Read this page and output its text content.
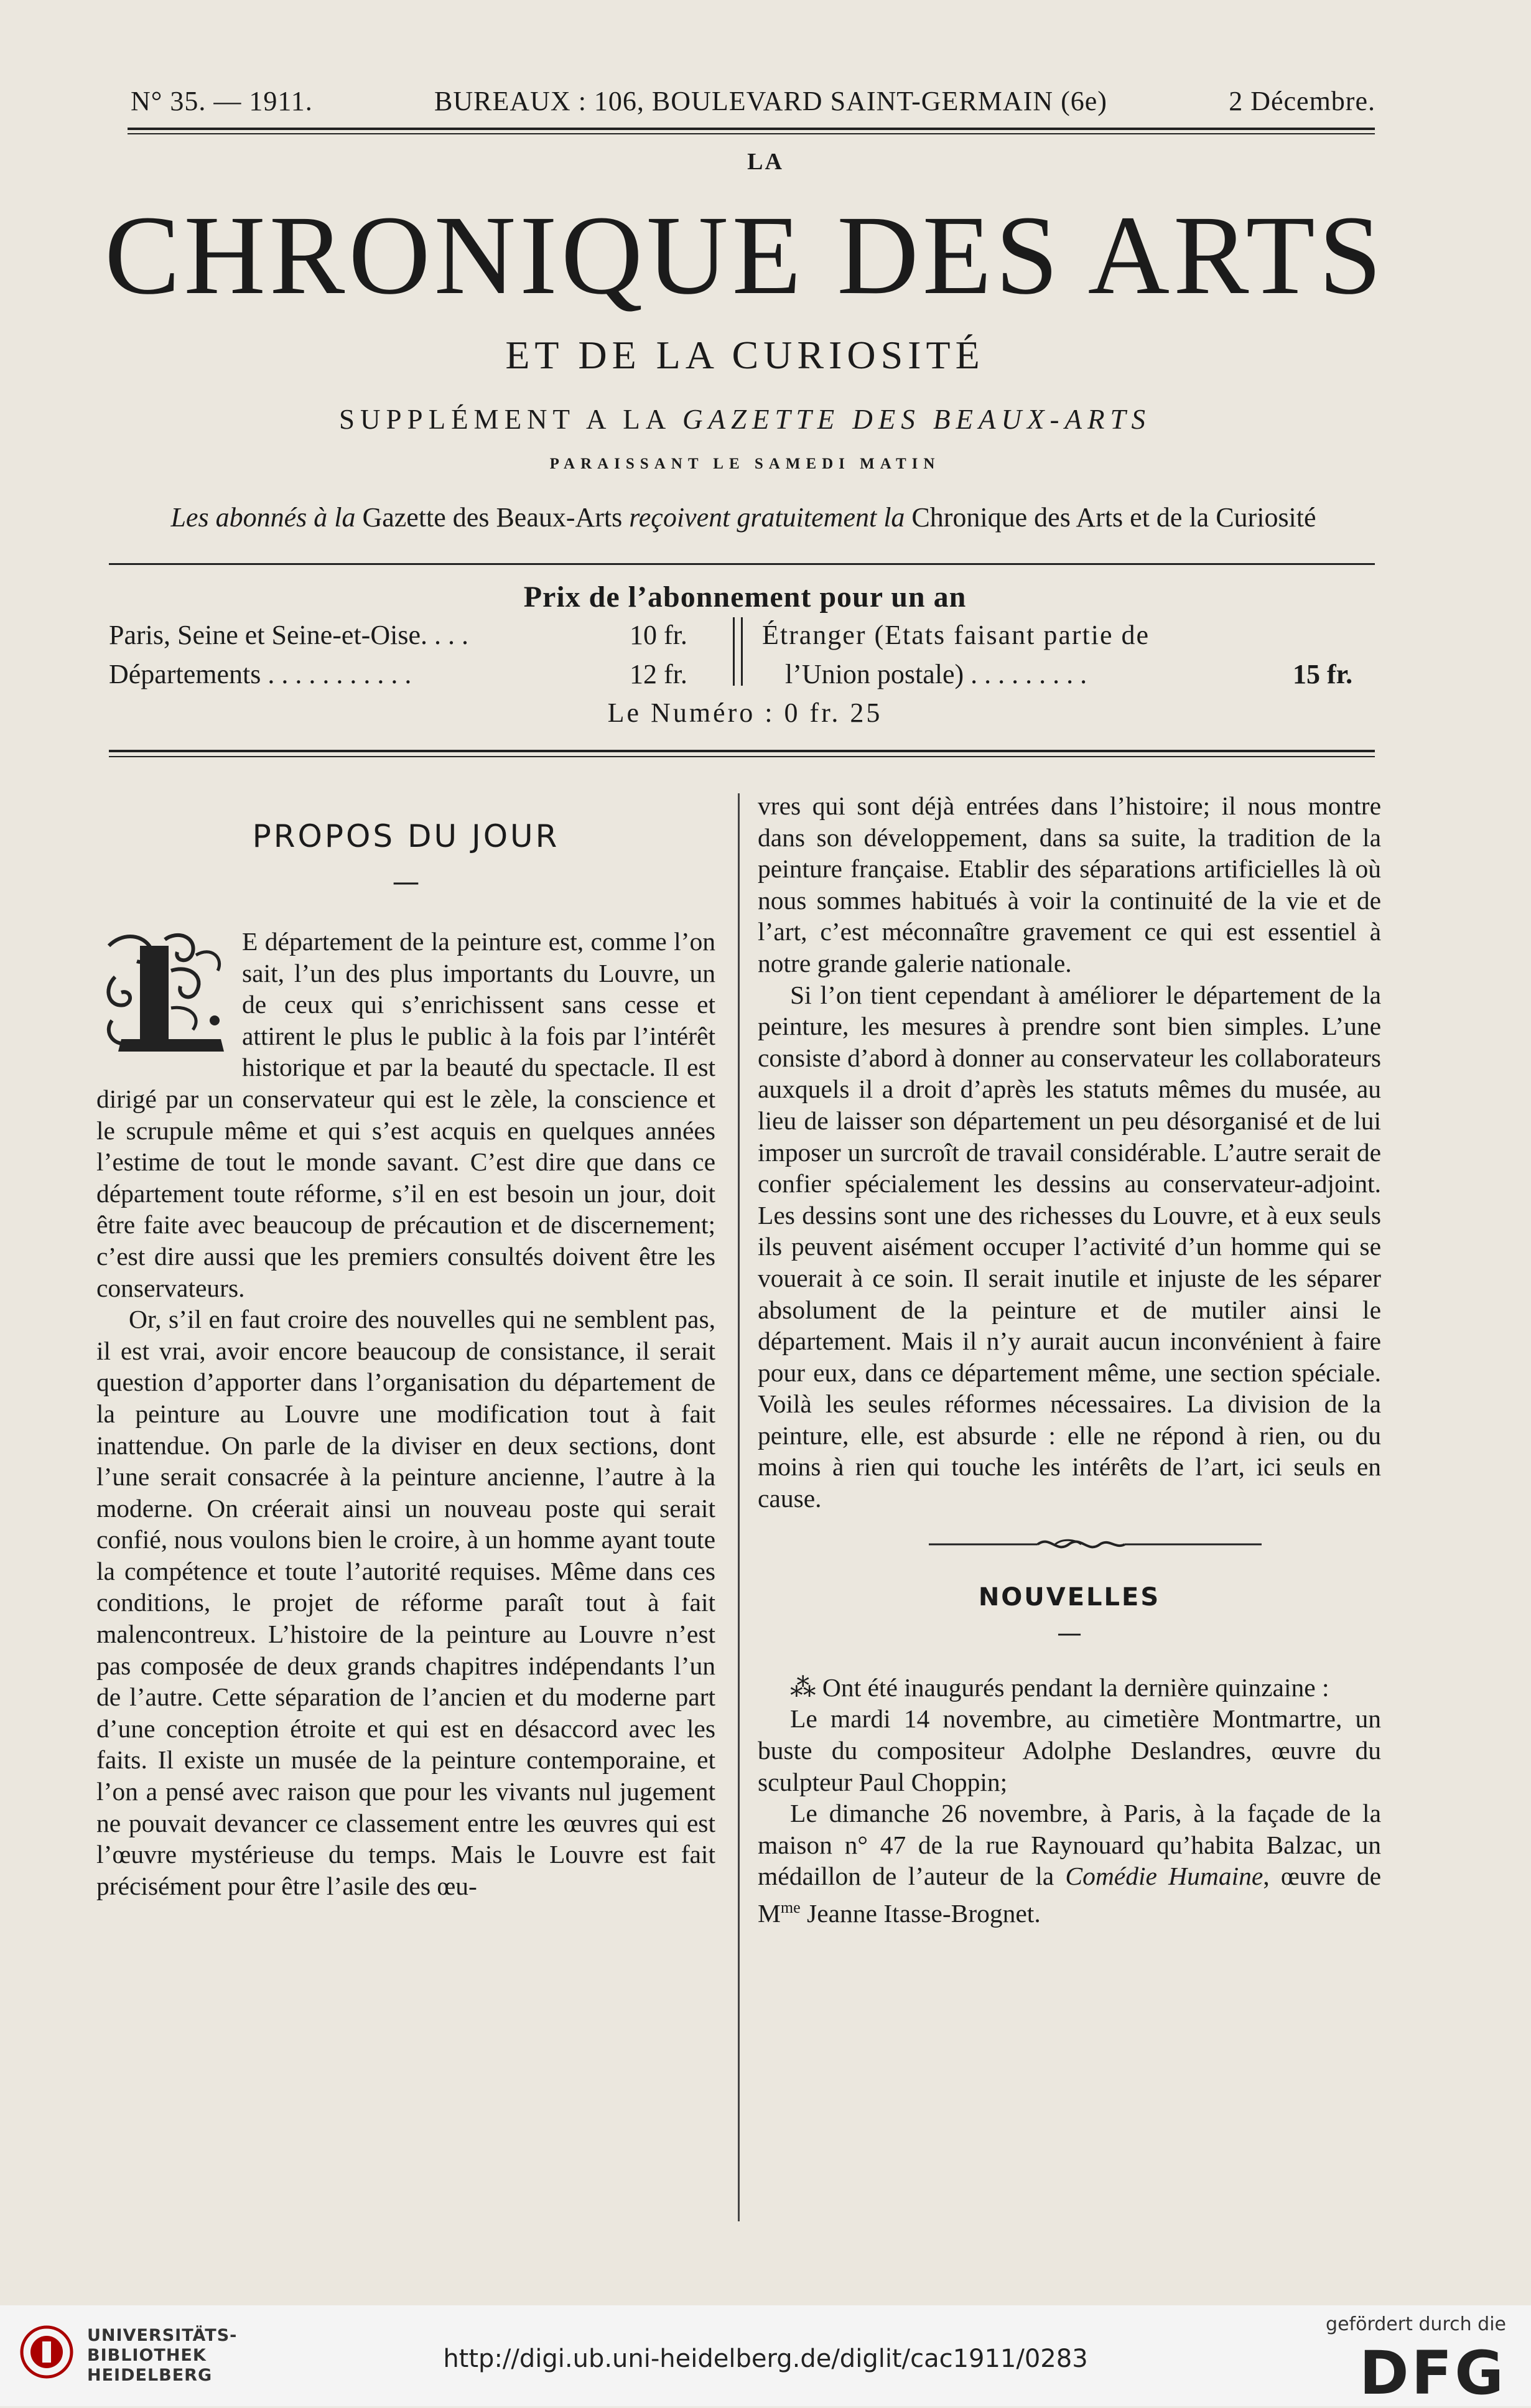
N° 35. — 1911.	BUREAUX : 106, BOULEVARD SAINT-GERMAIN (6e)	2 Décembre.
LA
CHRONIQUE DES ARTS
ET DE LA CURIOSITÉ
SUPPLÉMENT A LA GAZETTE DES BEAUX-ARTS
PARAISSANT LE SAMEDI MATIN
Les abonnés à la Gazette des Beaux-Arts reçoivent gratuitement la Chronique des Arts et de la Curiosité
Prix de l’abonnement pour un an
Paris, Seine et Seine-et-Oise. . . .	10 fr.
Départements . . . . . . . . . . .	12 fr.
Étranger (Etats faisant partie de
l’Union postale) . . . . . . . . .	15 fr.
Le Numéro : 0 fr. 25
PROPOS DU JOUR
—

E département de la peinture est, comme l’on sait, l’un des plus importants du Louvre, un de ceux qui s’enrichissent sans cesse et attirent le plus le public à la fois par l’intérêt historique et par la beauté du spectacle. Il est dirigé par un conservateur qui est le zèle, la conscience et le scrupule même et qui s’est acquis en quelques années l’estime de tout le monde savant. C’est dire que dans ce département toute réforme, s’il en est besoin un jour, doit être faite avec beaucoup de précaution et de discernement; c’est dire aussi que les premiers consultés doivent être les conservateurs.

Or, s’il en faut croire des nouvelles qui ne semblent pas, il est vrai, avoir encore beaucoup de consistance, il serait question d’apporter dans l’organisation du département de la peinture au Louvre une modification tout à fait inattendue. On parle de la diviser en deux sections, dont l’une serait consacrée à la peinture ancienne, l’autre à la moderne. On créerait ainsi un nouveau poste qui serait confié, nous voulons bien le croire, à un homme ayant toute la compétence et toute l’autorité requises. Même dans ces conditions, le projet de réforme paraît tout à fait malencontreux. L’histoire de la peinture au Louvre n’est pas composée de deux grands chapitres indépendants l’un de l’autre. Cette séparation de l’ancien et du moderne part d’une conception étroite et qui est en désaccord avec les faits. Il existe un musée de la peinture contemporaine, et l’on a pensé avec raison que pour les vivants nul jugement ne pouvait devancer ce classement entre les œuvres qui est l’œuvre mystérieuse du temps. Mais le Louvre est fait précisément pour être l’asile des œu-

vres qui sont déjà entrées dans l’histoire; il nous montre dans son développement, dans sa suite, la tradition de la peinture française. Etablir des séparations artificielles là où nous sommes habitués à voir la continuité de la vie et de l’art, c’est méconnaître gravement ce qui est essentiel à notre grande galerie nationale.

Si l’on tient cependant à améliorer le département de la peinture, les mesures à prendre sont bien simples. L’une consiste d’abord à donner au conservateur les collaborateurs auxquels il a droit d’après les statuts mêmes du musée, au lieu de laisser son département un peu désorganisé et de lui imposer un surcroît de travail considérable. L’autre serait de confier spécialement les dessins au conservateur-adjoint. Les dessins sont une des richesses du Louvre, et à eux seuls ils peuvent aisément occuper l’activité d’un homme qui se vouerait à ce soin. Il serait inutile et injuste de les séparer absolument de la peinture et de mutiler ainsi le département. Mais il n’y aurait aucun inconvénient à faire pour eux, dans ce département même, une section spéciale. Voilà les seules réformes nécessaires. La division de la peinture, elle, est absurde : elle ne répond à rien, ou du moins à rien qui touche les intérêts de l’art, ici seuls en cause.

NOUVELLES
—

⁂ Ont été inaugurés pendant la dernière quinzaine :

Le mardi 14 novembre, au cimetière Montmartre, un buste du compositeur Adolphe Deslandres, œuvre du sculpteur Paul Choppin;

Le dimanche 26 novembre, à Paris, à la façade de la maison n° 47 de la rue Raynouard qu’habita Balzac, un médaillon de l’auteur de la Comédie Humaine, œuvre de $M^{me}$ Jeanne Itasse-Brognet.

UNIVERSITÄTS-
BIBLIOTHEK
HEIDELBERG
http://digi.ub.uni-heidelberg.de/diglit/cac1911/0283
gefördert durch die
DFG
